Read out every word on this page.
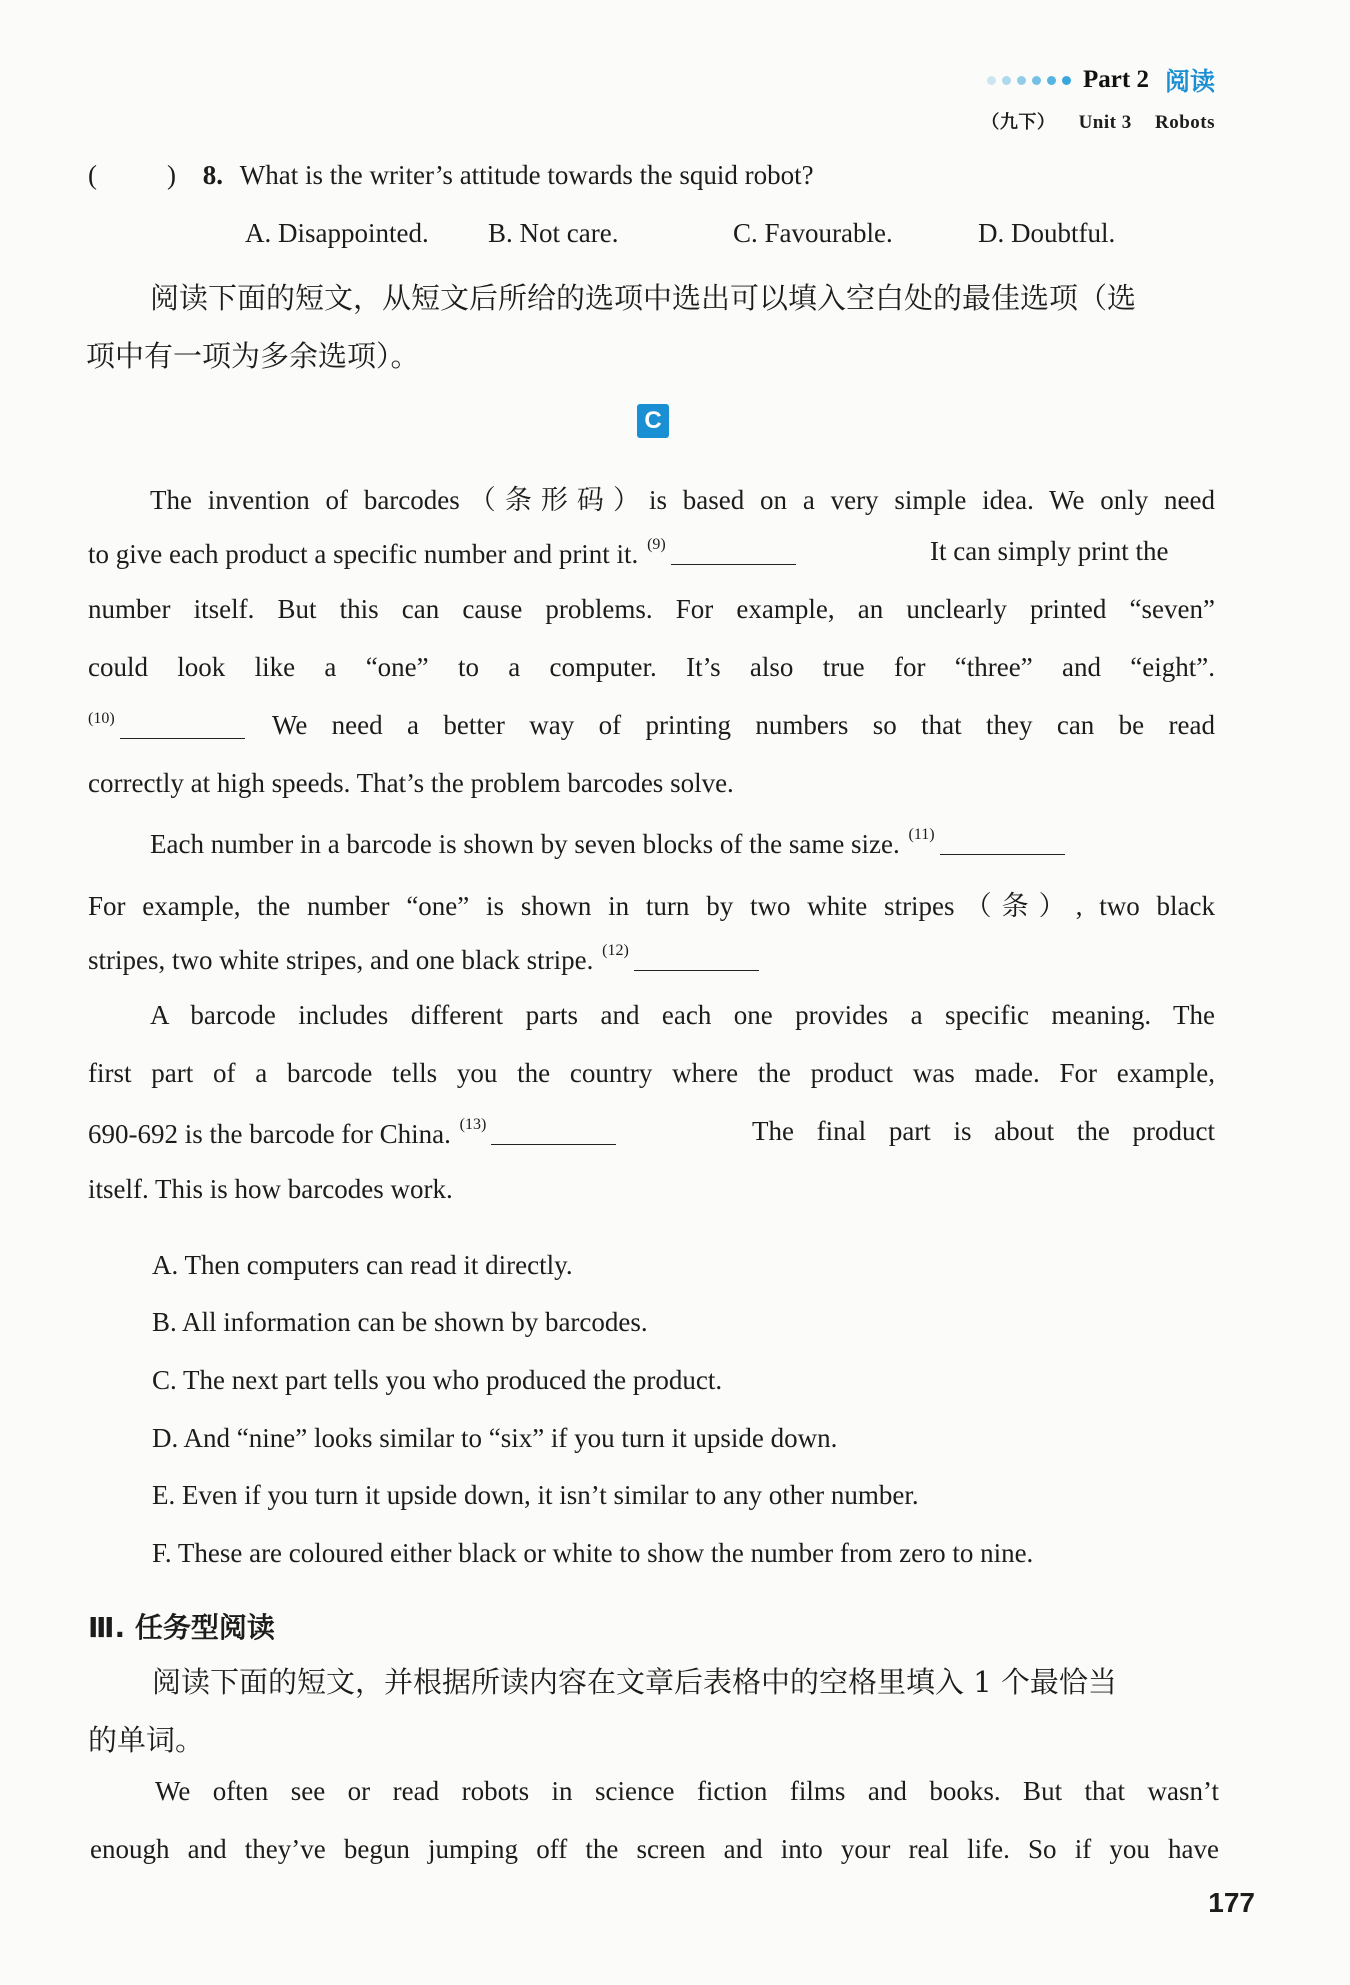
Part 2 阅读
（九下） Unit 3 Robots
(	) 8. What is the writer’s attitude towards the squid robot?
A. Disappointed. B. Not care.	C. Favourable.	D. Doubtful.
阅读下面的短文，从短文后所给的选项中选出可以填入空白处的最佳选项（选
项中有一项为多余选项）。
C
The invention of barcodes（条形码）is based on a very simple idea. We only need
to give each product a specific number and print it. $^{(9)}$	It can simply print the
number itself. But this can cause problems. For example, an unclearly printed “seven”
could look like a “one” to a computer. It’s also true for “three” and “eight”.
$^{(10)}$	We need a better way of printing numbers so that they can be read
correctly at high speeds. That’s the problem barcodes solve.
Each number in a barcode is shown by seven blocks of the same size. $^{(11)}$
For example, the number “one” is shown in turn by two white stripes（条）, two black
stripes, two white stripes, and one black stripe. $^{(12)}$
A barcode includes different parts and each one provides a specific meaning. The
first part of a barcode tells you the country where the product was made. For example,
690-692 is the barcode for China. $^{(13)}$	The final part is about the product
itself. This is how barcodes work.
A. Then computers can read it directly.
B. All information can be shown by barcodes.
C. The next part tells you who produced the product.
D. And “nine” looks similar to “six” if you turn it upside down.
E. Even if you turn it upside down, it isn’t similar to any other number.
F. These are coloured either black or white to show the number from zero to nine.
Ⅲ. 任务型阅读
阅读下面的短文，并根据所读内容在文章后表格中的空格里填入 1 个最恰当
的单词。
We often see or read robots in science fiction films and books. But that wasn’t
enough and they’ve begun jumping off the screen and into your real life. So if you have
177
